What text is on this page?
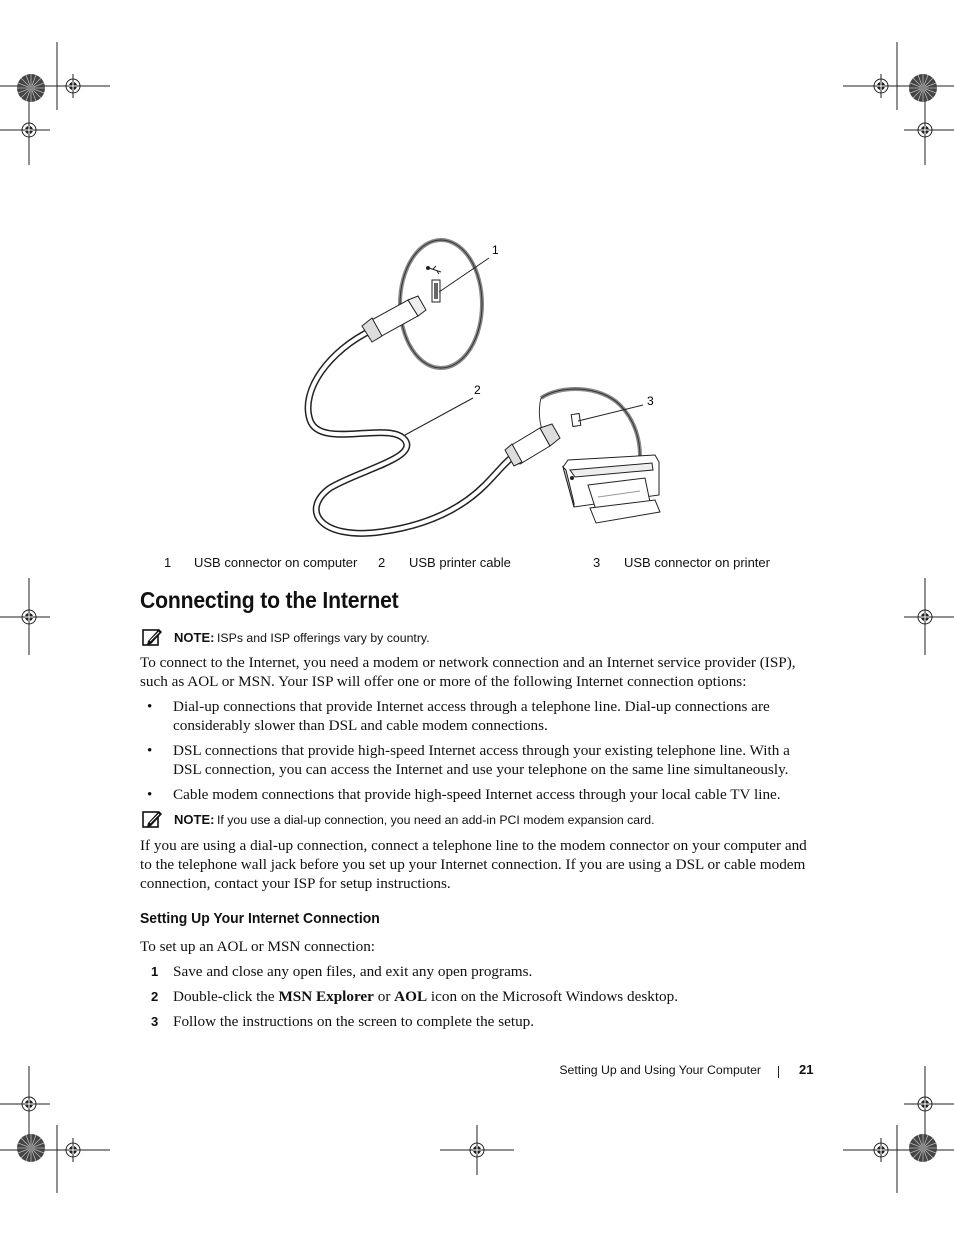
1
2
3
1 USB connector on computer 2 USB printer cable	3 USB connector on printer
Connecting to the Internet
NOTE: ISPs and ISP offerings vary by country.

To connect to the Internet, you need a modem or network connection and an Internet service provider (ISP), such as AOL or MSN. Your ISP will offer one or more of the following Internet connection options:

• Dial-up connections that provide Internet access through a telephone line. Dial-up connections are considerably slower than DSL and cable modem connections.
• DSL connections that provide high-speed Internet access through your existing telephone line. With a DSL connection, you can access the Internet and use your telephone on the same line simultaneously.
• Cable modem connections that provide high-speed Internet access through your local cable TV line.
NOTE: If you use a dial-up connection, you need an add-in PCI modem expansion card.

If you are using a dial-up connection, connect a telephone line to the modem connector on your computer and to the telephone wall jack before you set up your Internet connection. If you are using a DSL or cable modem connection, contact your ISP for setup instructions.

Setting Up Your Internet Connection

To set up an AOL or MSN connection:

1 Save and close any open files, and exit any open programs.
2 Double-click the MSN Explorer or AOL icon on the Microsoft Windows desktop.
3 Follow the instructions on the screen to complete the setup.
Setting Up and Using Your Computer	21
